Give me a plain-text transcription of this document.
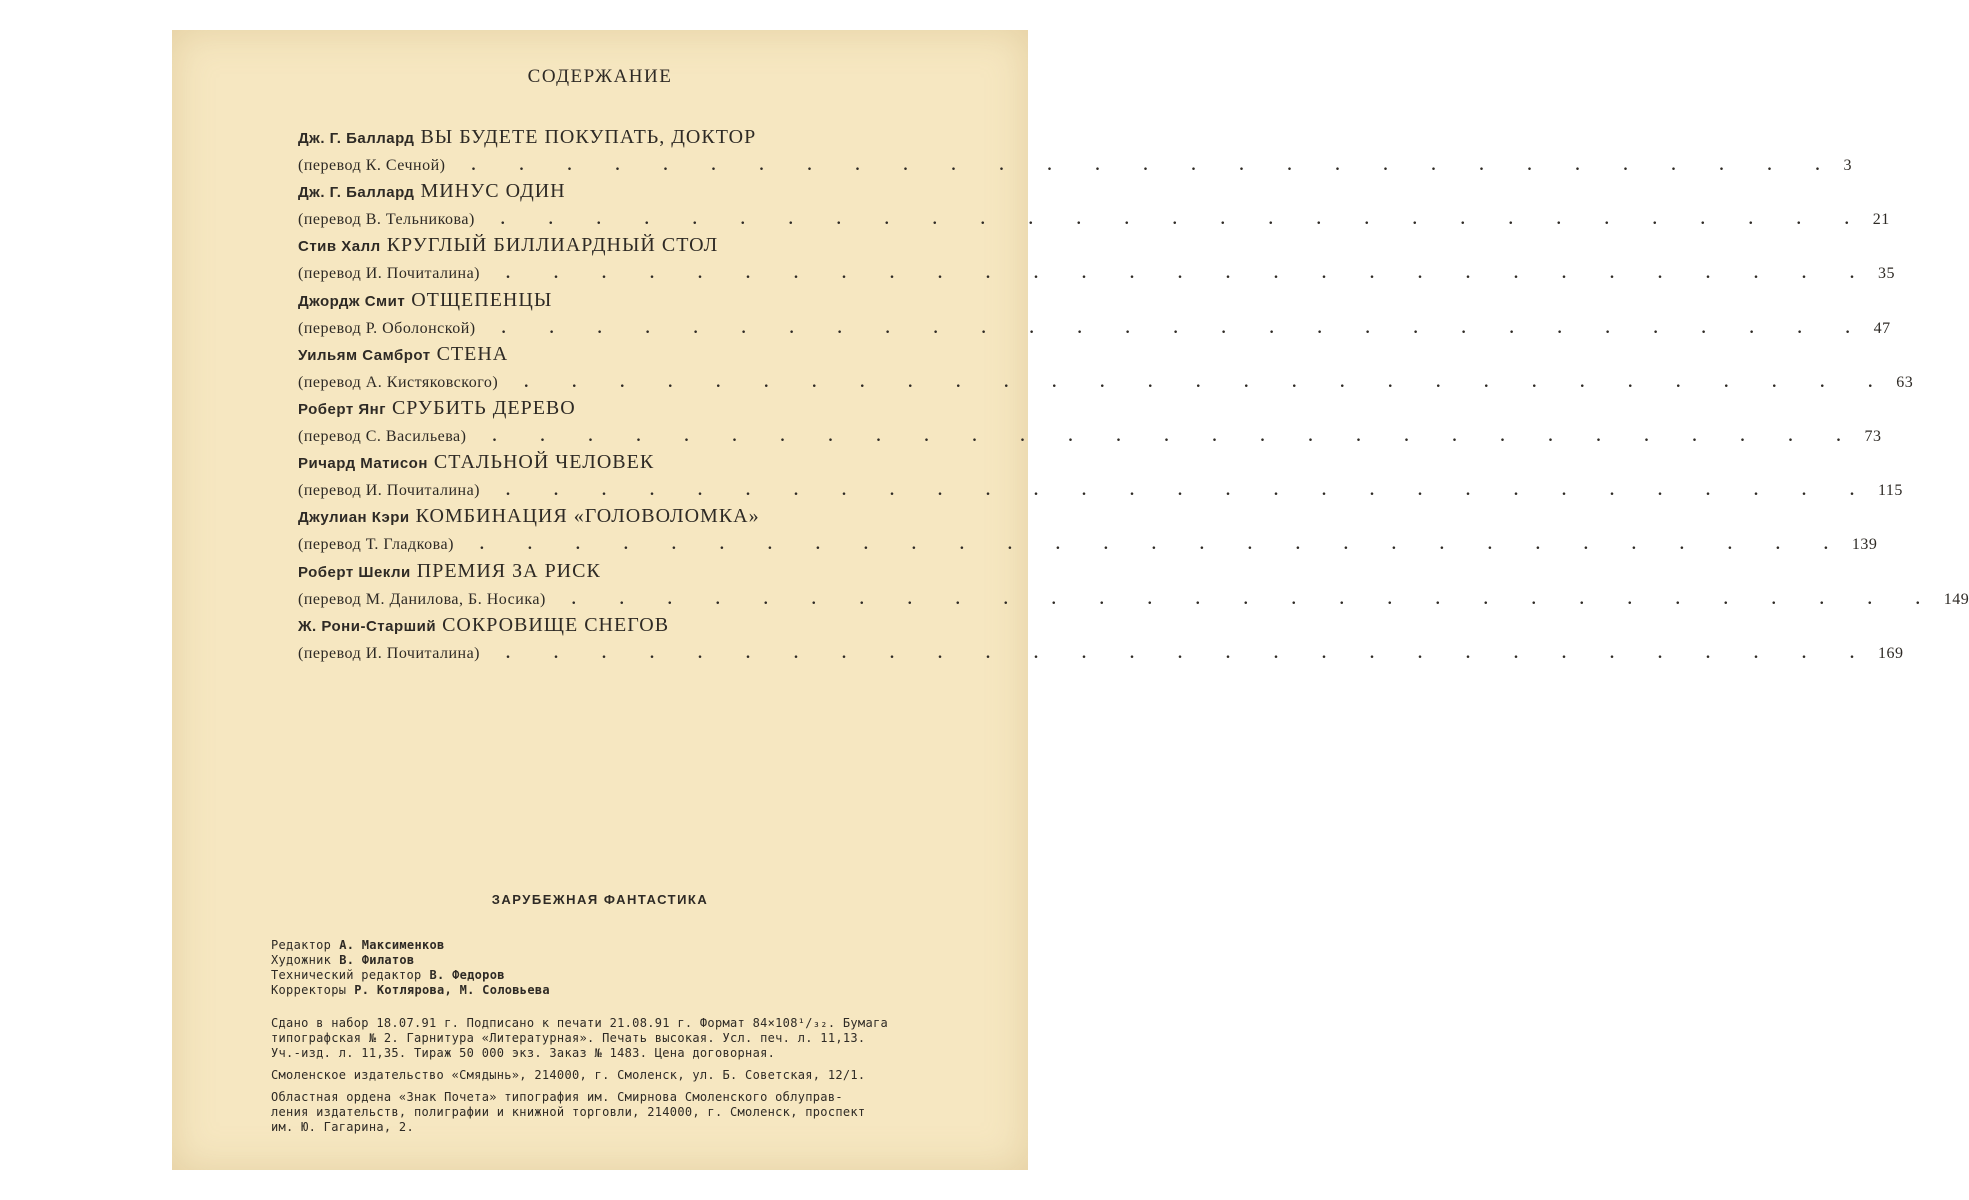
СОДЕРЖАНИЕ
Дж. Г. Баллард ВЫ БУДЕТЕ ПОКУПАТЬ, ДОКТОР
(перевод К. Сечной) . . . . . . . . . . . . . . . . . . . . . . . . . . . . . 3
Дж. Г. Баллард МИНУС ОДИН
(перевод В. Тельникова) . . . . . . . . . . . . . . . . . . . . . . . . . . . . . 21
Стив Халл КРУГЛЫЙ БИЛЛИАРДНЫЙ СТОЛ
(перевод И. Почиталина) . . . . . . . . . . . . . . . . . . . . . . . . . . . . . 35
Джордж Смит ОТЩЕПЕНЦЫ
(перевод Р. Оболонской) . . . . . . . . . . . . . . . . . . . . . . . . . . . . . 47
Уильям Самброт СТЕНА
(перевод А. Кистяковского) . . . . . . . . . . . . . . . . . . . . . . . . . . . . . 63
Роберт Янг СРУБИТЬ ДЕРЕВО
(перевод С. Васильева) . . . . . . . . . . . . . . . . . . . . . . . . . . . . . 73
Ричард Матисон СТАЛЬНОЙ ЧЕЛОВЕК
(перевод И. Почиталина) . . . . . . . . . . . . . . . . . . . . . . . . . . . . . 115
Джулиан Кэри КОМБИНАЦИЯ «ГОЛОВОЛОМКА»
(перевод Т. Гладкова) . . . . . . . . . . . . . . . . . . . . . . . . . . . . . 139
Роберт Шекли ПРЕМИЯ ЗА РИСК
(перевод М. Данилова, Б. Носика) . . . . . . . . . . . . . . . . . . . . . . . . . . . . . 149
Ж. Рони-Старший СОКРОВИЩЕ СНЕГОВ
(перевод И. Почиталина) . . . . . . . . . . . . . . . . . . . . . . . . . . . . . 169
ЗАРУБЕЖНАЯ ФАНТАСТИКА
Редактор А. Максименков
Художник В. Филатов
Технический редактор В. Федоров
Корректоры Р. Котлярова, М. Соловьева

Сдано в набор 18.07.91 г. Подписано к печати 21.08.91 г. Формат 84×108¹/₃₂. Бумага
типографская № 2. Гарнитура «Литературная». Печать высокая. Усл. печ. л. 11,13.
Уч.-изд. л. 11,35. Тираж 50 000 экз. Заказ № 1483. Цена договорная.

Смоленское издательство «Смядынь», 214000, г. Смоленск, ул. Б. Советская, 12/1.

Областная ордена «Знак Почета» типография им. Смирнова Смоленского облуправ-
ления издательств, полиграфии и книжной торговли, 214000, г. Смоленск, проспект
им. Ю. Гагарина, 2.
